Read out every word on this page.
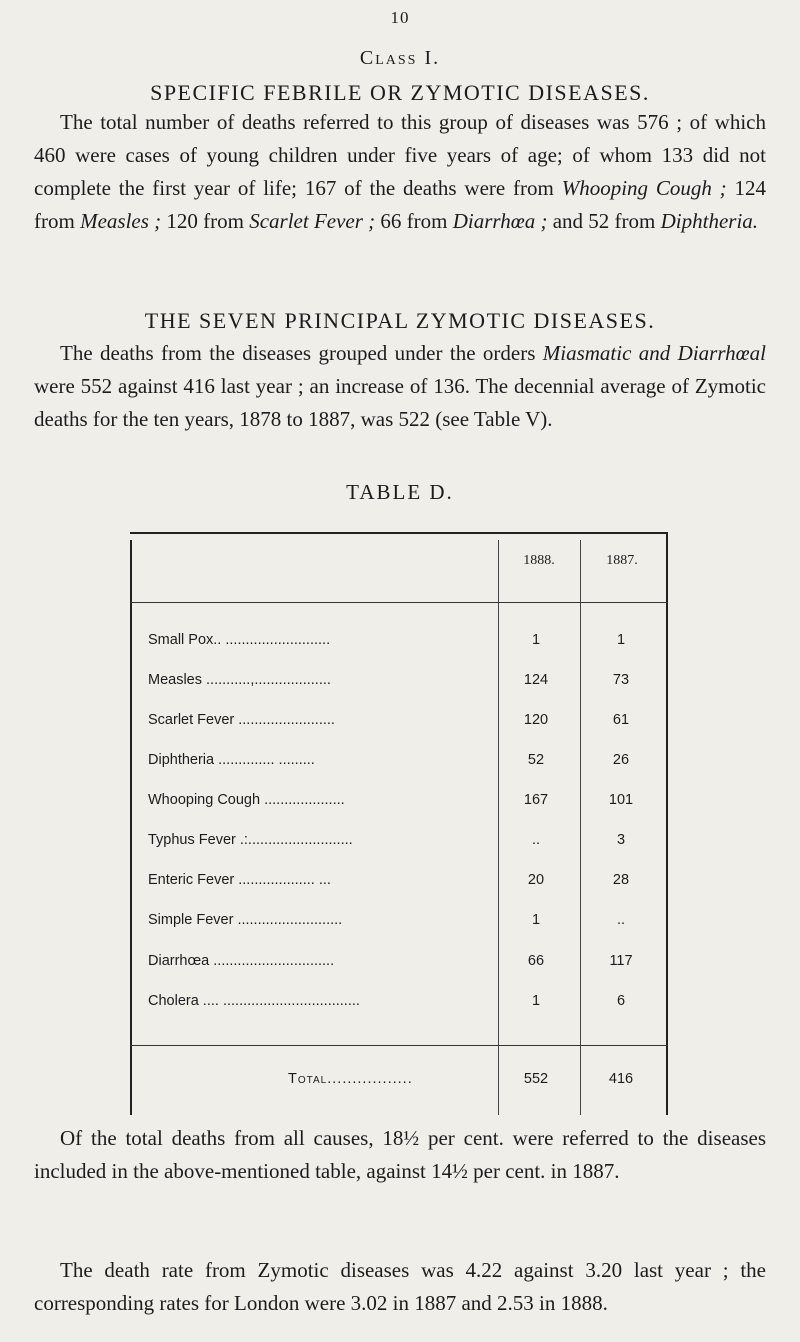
10
Class I.
SPECIFIC FEBRILE OR ZYMOTIC DISEASES.

The total number of deaths referred to this group of diseases was 576 ; of which 460 were cases of young children under five years of age; of whom 133 did not complete the first year of life; 167 of the deaths were from Whooping Cough ; 124 from Measles ; 120 from Scarlet Fever ; 66 from Diarrhœa ; and 52 from Diphtheria.

THE SEVEN PRINCIPAL ZYMOTIC DISEASES.

The deaths from the diseases grouped under the orders Miasmatic and Diarrhœal were 552 against 416 last year ; an increase of 136. The decennial average of Zymotic deaths for the ten years, 1878 to 1887, was 522 (see Table V).

TABLE D.
1888.	1887.
Small Pox.. ..........................	1	1
Measles ...........,...................	124	73
Scarlet Fever ........................	120	61
Diphtheria .............. .........	52	26
Whooping Cough ....................	167	101
Typhus Fever .:..........................	..	3
Enteric Fever ................... ...	20	28
Simple Fever ..........................	1	..
Diarrhœa ..............................	66	117
Cholera .... ..................................	1	6
Total.................	552	416

Of the total deaths from all causes, 18½ per cent. were referred to the diseases included in the above-mentioned table, against 14½ per cent. in 1887.

The death rate from Zymotic diseases was 4.22 against 3.20 last year ; the corresponding rates for London were 3.02 in 1887 and 2.53 in 1888.
